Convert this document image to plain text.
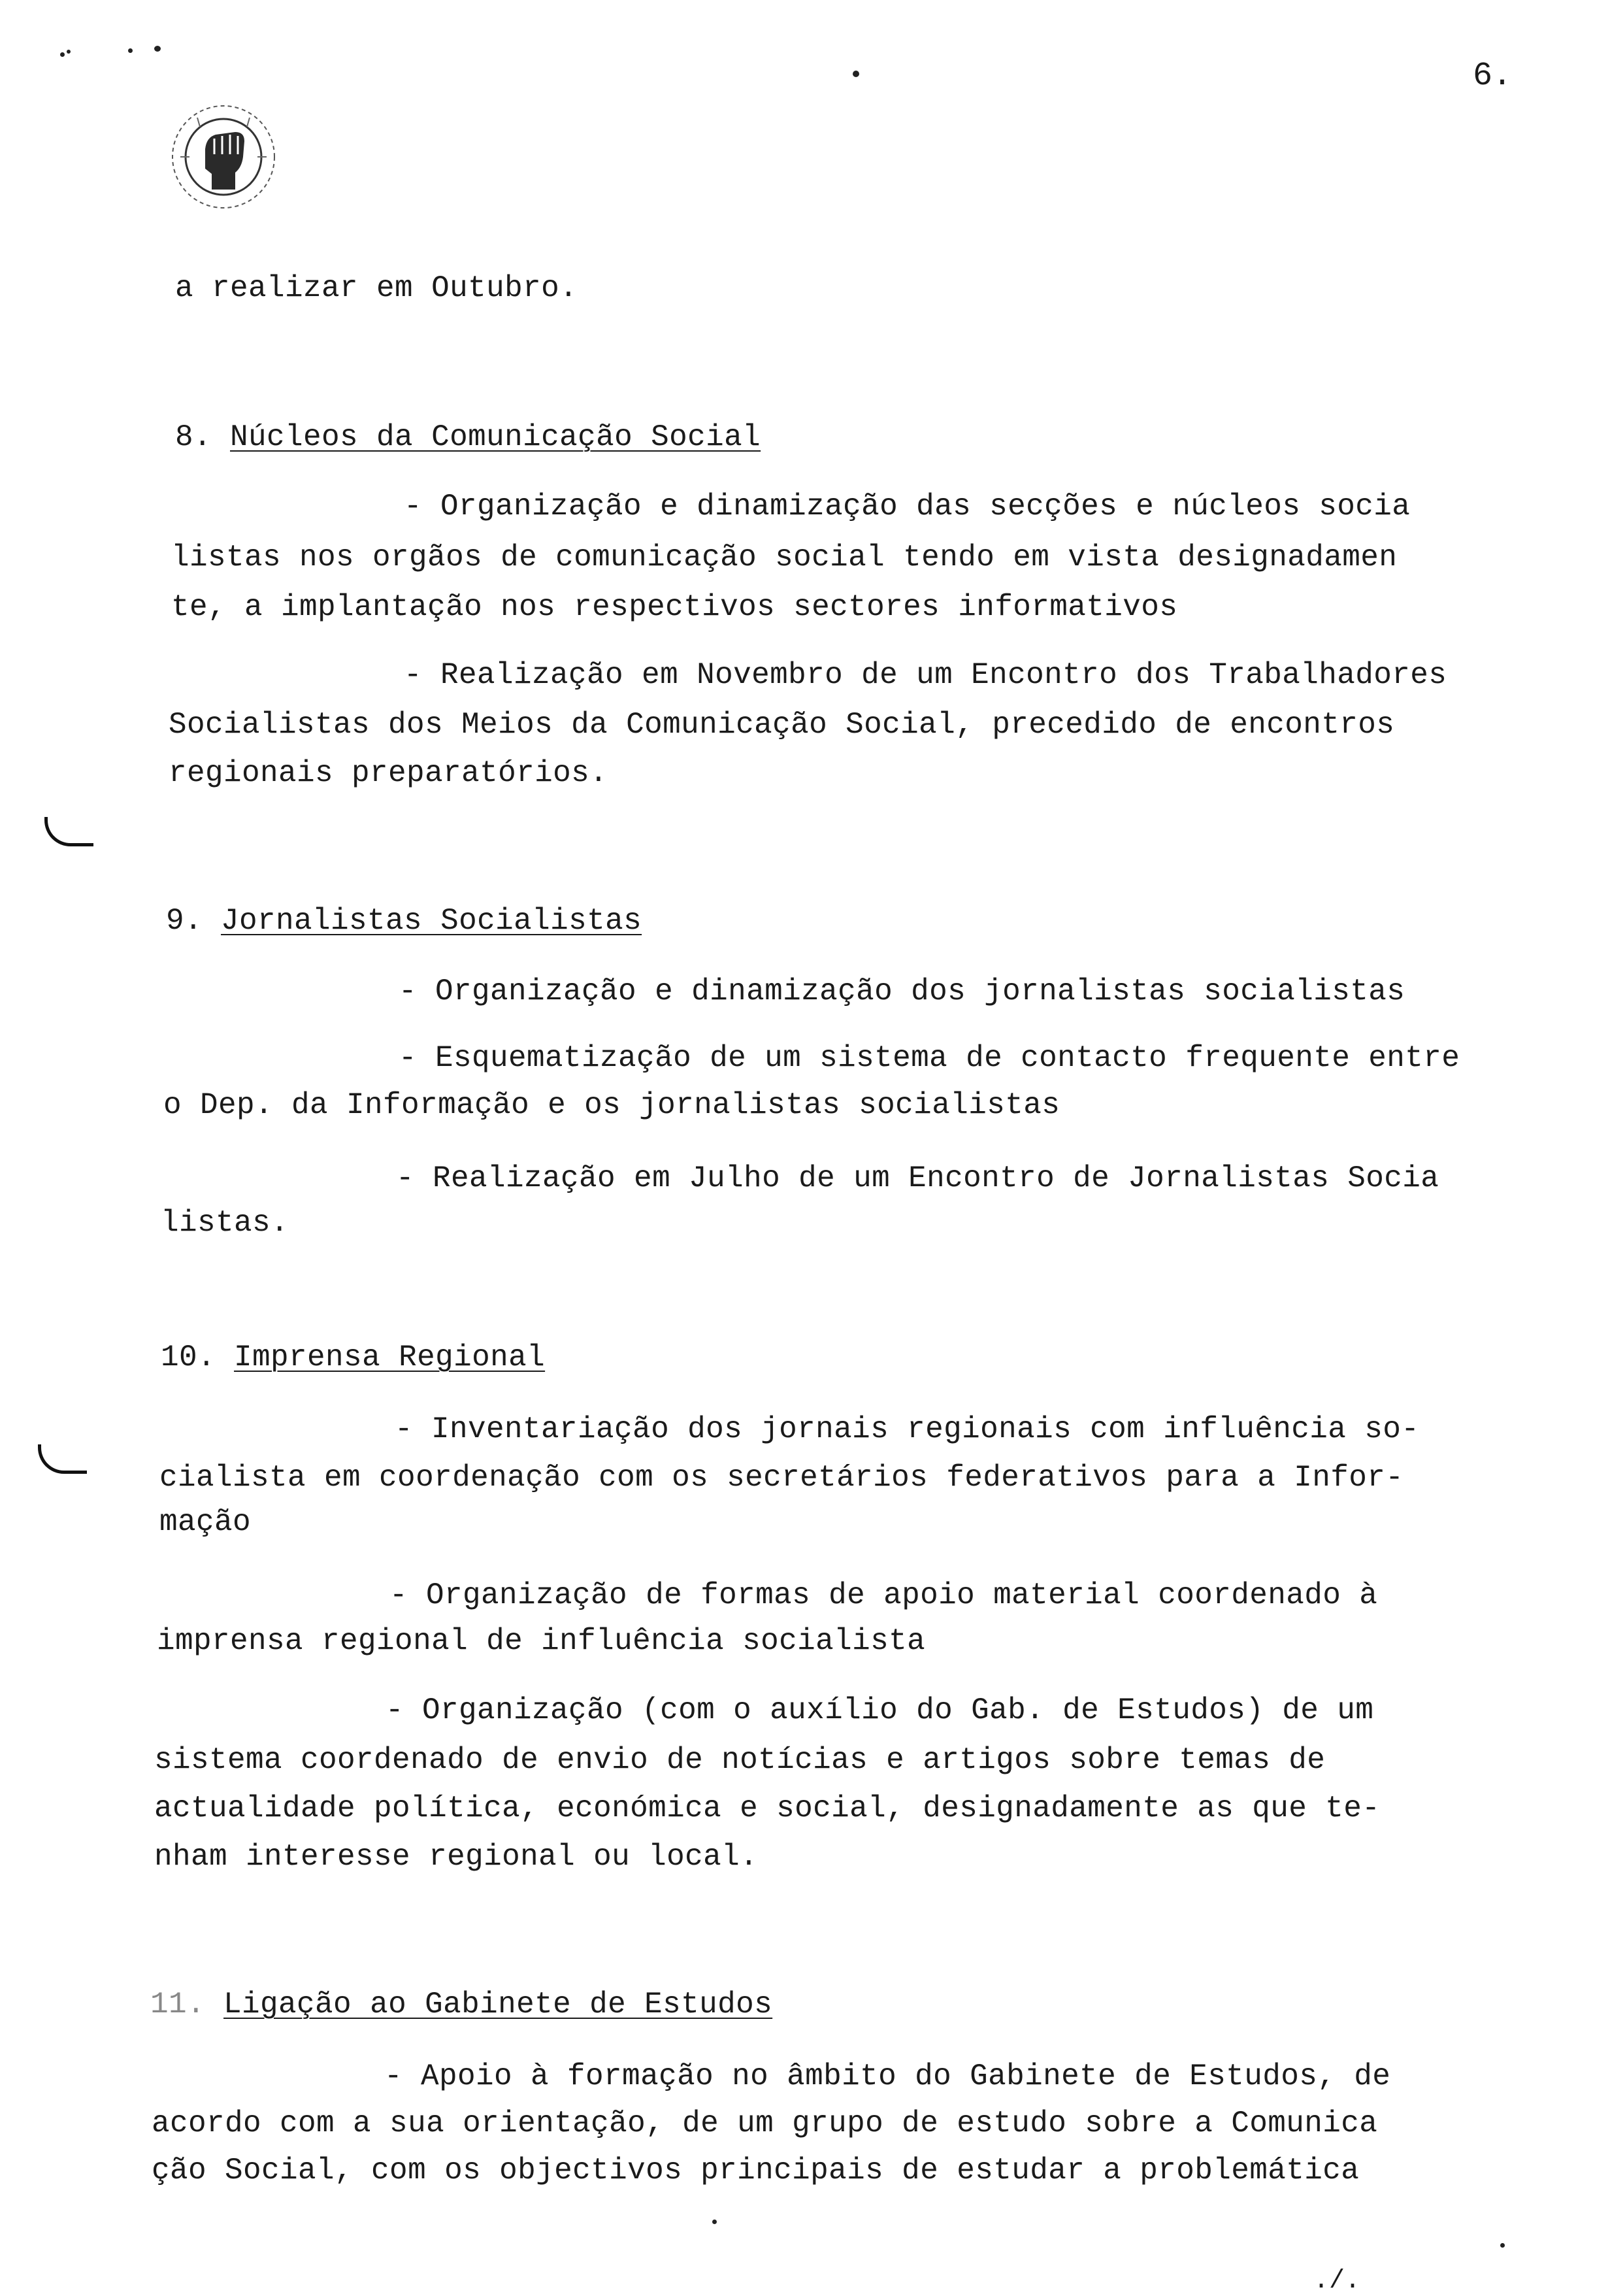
6.
a realizar em Outubro.
8. Núcleos da Comunicação Social
- Organização e dinamização das secções e núcleos socia
listas nos orgãos de comunicação social tendo em vista designadamen
te, a implantação nos respectivos sectores informativos
- Realização em Novembro de um Encontro dos Trabalhadores
Socialistas dos Meios da Comunicação Social, precedido de encontros
regionais preparatórios.
9. Jornalistas Socialistas
- Organização e dinamização dos jornalistas socialistas
- Esquematização de um sistema de contacto frequente entre
o Dep. da Informação e os jornalistas socialistas
- Realização em Julho de um Encontro de Jornalistas Socia
listas.
10. Imprensa Regional
- Inventariação dos jornais regionais com influência so-
cialista em coordenação com os secretários federativos para a Infor-
mação
- Organização de formas de apoio material coordenado à
imprensa regional de influência socialista
- Organização (com o auxílio do Gab. de Estudos) de um
sistema coordenado de envio de notícias e artigos sobre temas de
actualidade política, económica e social, designadamente as que te-
nham interesse regional ou local.
11. Ligação ao Gabinete de Estudos
- Apoio à formação no âmbito do Gabinete de Estudos, de
acordo com a sua orientação, de um grupo de estudo sobre a Comunica
ção Social, com os objectivos principais de estudar a problemática
./.
